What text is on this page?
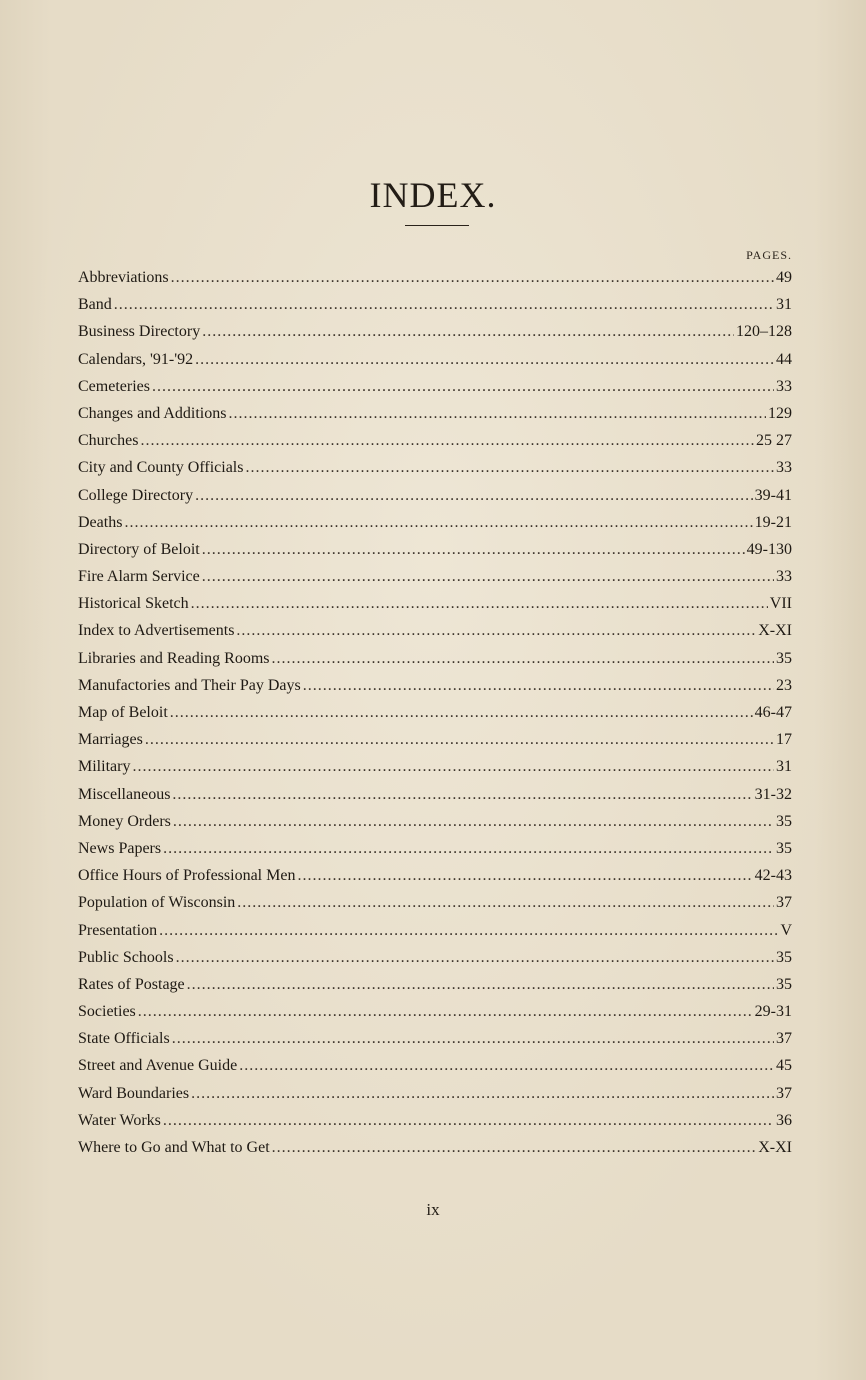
INDEX.
PAGES.
Abbreviations .....	49
Band .....	31
Business Directory .....	120–128
Calendars, '91-'92 .....	44
Cemeteries .....	33
Changes and Additions .....	129
Churches .....	25 27
City and County Officials .....	33
College Directory .....	39-41
Deaths .....	19-21
Directory of Beloit .....	49-130
Fire Alarm Service .....	33
Historical Sketch .....	VII
Index to Advertisements .....	X-XI
Libraries and Reading Rooms .....	35
Manufactories and Their Pay Days .....	23
Map of Beloit .....	46-47
Marriages .....	17
Military .....	31
Miscellaneous .....	31-32
Money Orders .....	35
News Papers .....	35
Office Hours of Professional Men .....	42-43
Population of Wisconsin .....	37
Presentation .....	V
Public Schools .....	35
Rates of Postage .....	35
Societies .....	29-31
State Officials .....	37
Street and Avenue Guide .....	45
Ward Boundaries .....	37
Water Works .....	36
Where to Go and What to Get .....	X-XI
ix
